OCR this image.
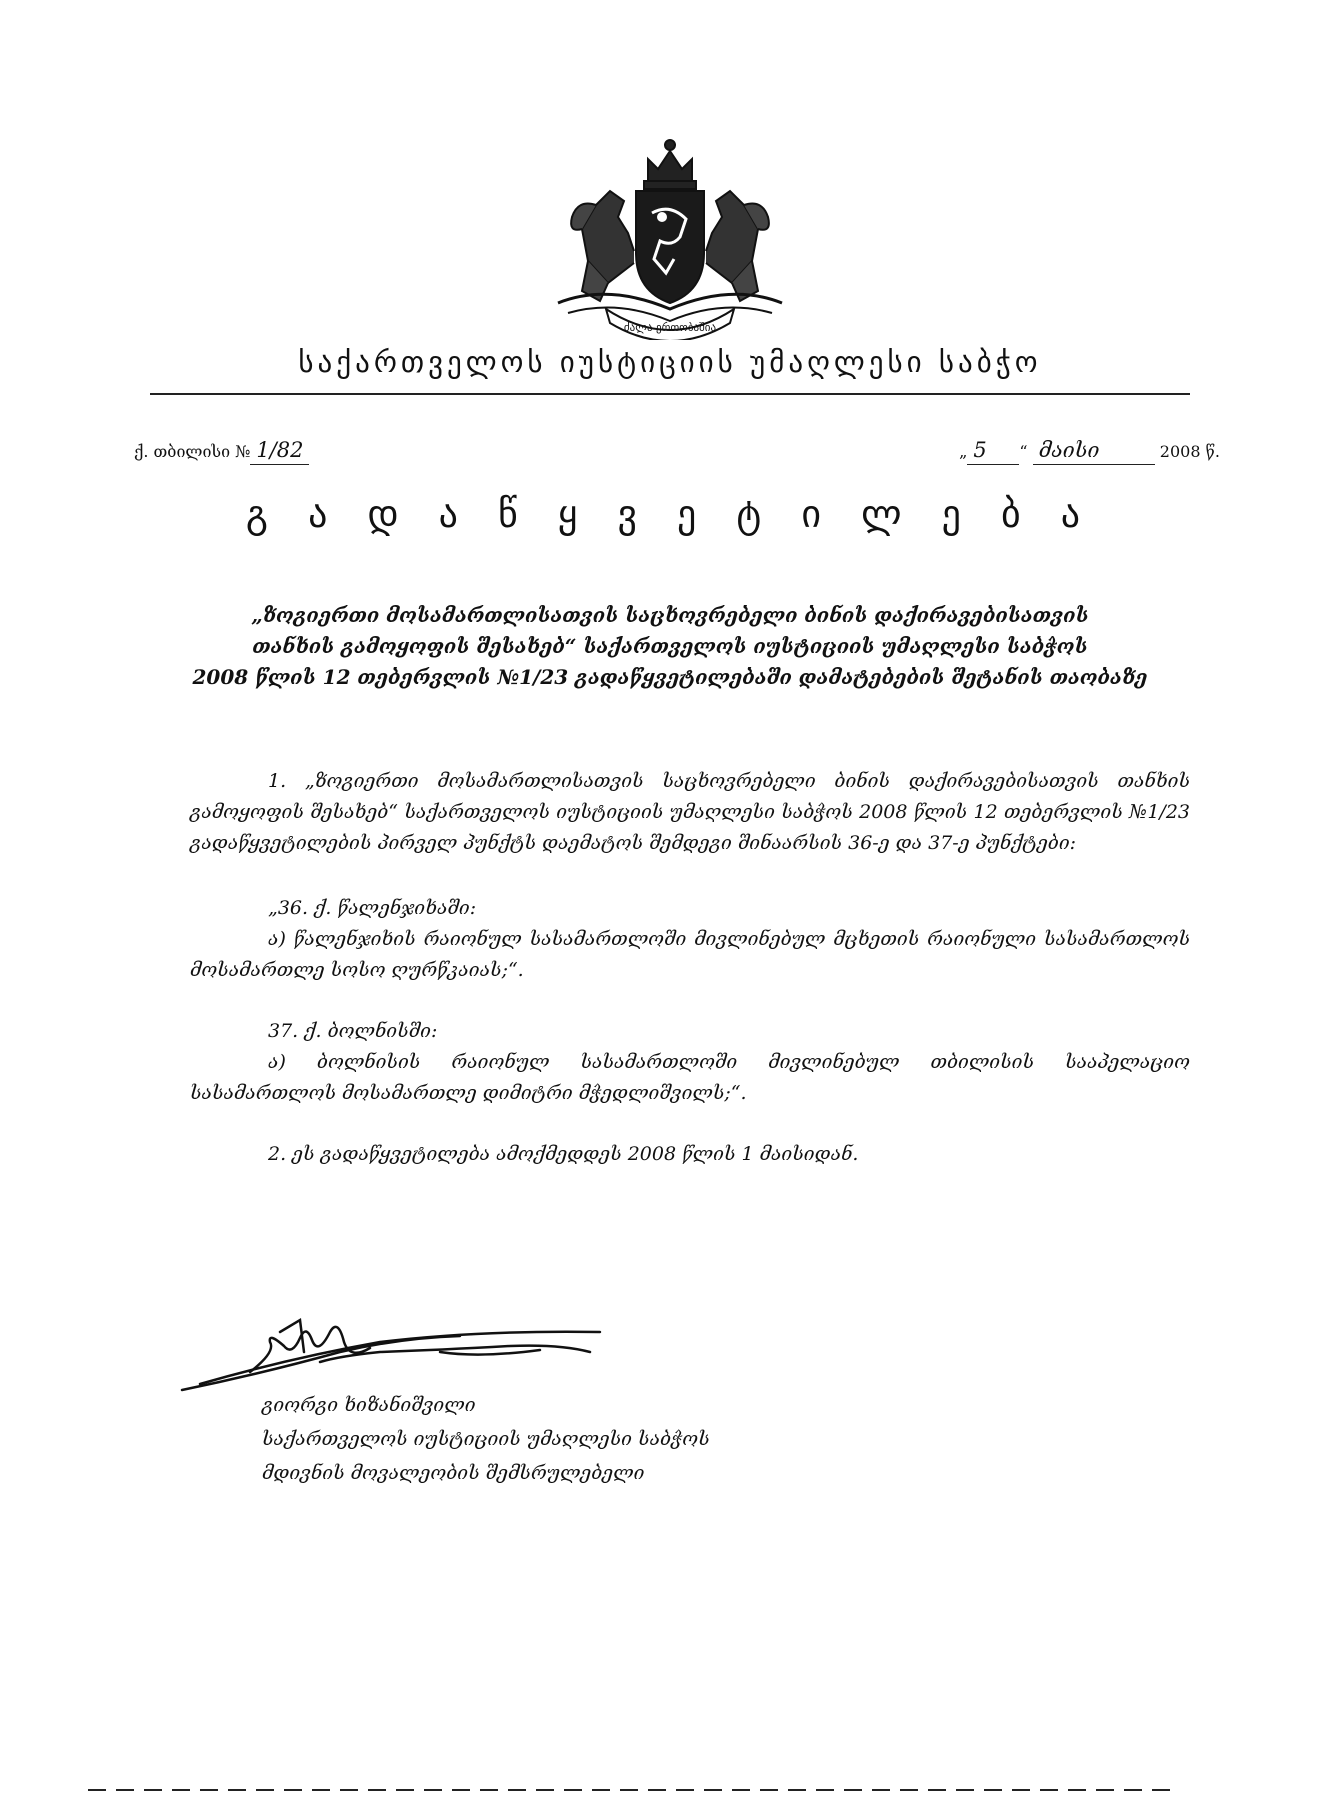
ძალა ერთობაშია
საქართველოს იუსტიციის უმაღლესი საბჭო
ქ. თბილისი № 1/82	„ 5 “ მაისი	2008 წ.
გ ა დ ა წ ყ ვ ე ტ ი ლ ე ბ ა
„ზოგიერთი მოსამართლისათვის საცხოვრებელი ბინის დაქირავებისათვის
თანხის გამოყოფის შესახებ“ საქართველოს იუსტიციის უმაღლესი საბჭოს
2008 წლის 12 თებერვლის №1/23 გადაწყვეტილებაში დამატებების შეტანის თაობაზე

1. „ზოგიერთი მოსამართლისათვის საცხოვრებელი ბინის დაქირავებისათვის თანხის გამოყოფის შესახებ“ საქართველოს იუსტიციის უმაღლესი საბჭოს 2008 წლის 12 თებერვლის №1/23 გადაწყვეტილების პირველ პუნქტს დაემატოს შემდეგი შინაარსის 36-ე და 37-ე პუნქტები:

„36. ქ. წალენჯიხაში:

ა) წალენჯიხის რაიონულ სასამართლოში მივლინებულ მცხეთის რაიონული სასამართლოს მოსამართლე სოსო ღურწკაიას;“.

37. ქ. ბოლნისში:

ა) ბოლნისის რაიონულ სასამართლოში მივლინებულ თბილისის სააპელაციო სასამართლოს მოსამართლე დიმიტრი მჭედლიშვილს;“.

2. ეს გადაწყვეტილება ამოქმედდეს 2008 წლის 1 მაისიდან.

გიორგი ხიზანიშვილი
საქართველოს იუსტიციის უმაღლესი საბჭოს
მდივნის მოვალეობის შემსრულებელი
